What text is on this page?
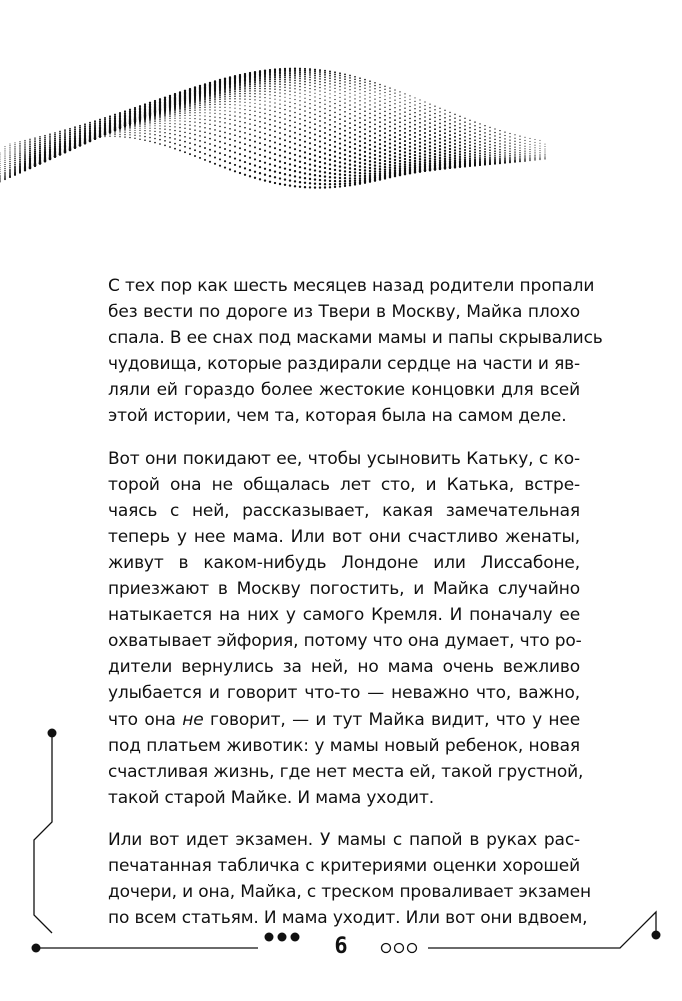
С тех пор как шесть месяцев назад родители пропали
без вести по дороге из Твери в Москву, Майка плохо
спала. В ее снах под масками мамы и папы скрывались
чудовища, которые раздирали сердце на части и яв-
ляли ей гораздо более жестокие концовки для всей
этой истории, чем та, которая была на самом деле.

Вот они покидают ее, чтобы усыновить Катьку, с ко-
торой она не общалась лет сто, и Катька, встре-
чаясь с ней, рассказывает, какая замечательная
теперь у нее мама. Или вот они счастливо женаты,
живут в каком-нибудь Лондоне или Лиссабоне,
приезжают в Москву погостить, и Майка случайно
натыкается на них у самого Кремля. И поначалу ее
охватывает эйфория, потому что она думает, что ро-
дители вернулись за ней, но мама очень вежливо
улыбается и говорит что-то — неважно что, важно,
что она не говорит, — и тут Майка видит, что у нее
под платьем животик: у мамы новый ребенок, новая
счастливая жизнь, где нет места ей, такой грустной,
такой старой Майке. И мама уходит.

Или вот идет экзамен. У мамы с папой в руках рас-
печатанная табличка с критериями оценки хорошей
дочери, и она, Майка, с треском проваливает экзамен
по всем статьям. И мама уходит. Или вот они вдвоем,

6
